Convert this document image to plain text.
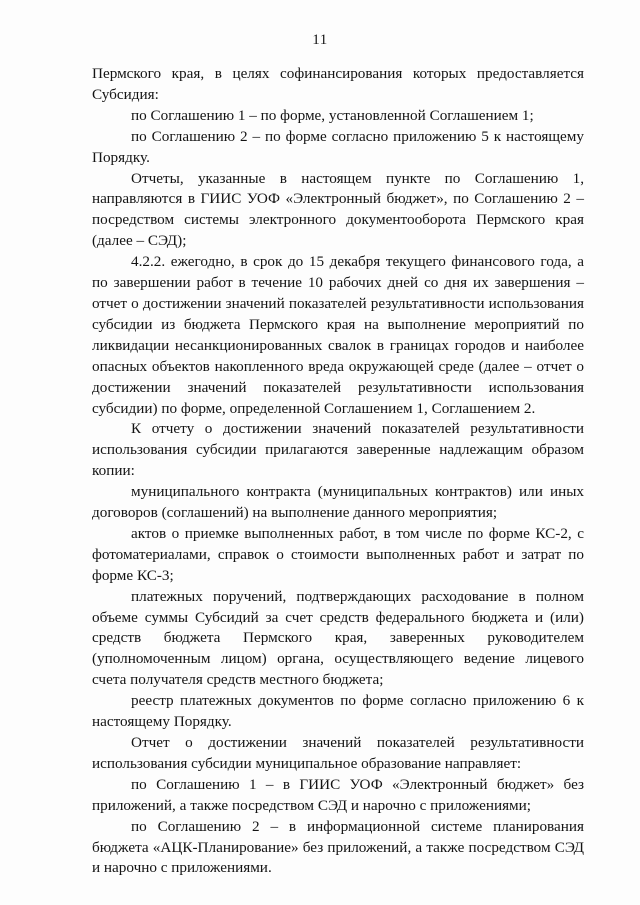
11

Пермского края, в целях софинансирования которых предоставляется Субсидия:

по Соглашению 1 – по форме, установленной Соглашением 1;

по Соглашению 2 – по форме согласно приложению 5 к настоящему Порядку.

Отчеты, указанные в настоящем пункте по Соглашению 1, направляются в ГИИС УОФ «Электронный бюджет», по Соглашению 2 – посредством системы электронного документооборота Пермского края (далее – СЭД);

4.2.2. ежегодно, в срок до 15 декабря текущего финансового года, а по завершении работ в течение 10 рабочих дней со дня их завершения – отчет о достижении значений показателей результативности использования субсидии из бюджета Пермского края на выполнение мероприятий по ликвидации несанкционированных свалок в границах городов и наиболее опасных объектов накопленного вреда окружающей среде (далее – отчет о достижении значений показателей результативности использования субсидии) по форме, определенной Соглашением 1, Соглашением 2.

К отчету о достижении значений показателей результативности использования субсидии прилагаются заверенные надлежащим образом копии:

муниципального контракта (муниципальных контрактов) или иных договоров (соглашений) на выполнение данного мероприятия;

актов о приемке выполненных работ, в том числе по форме КС-2, с фотоматериалами, справок о стоимости выполненных работ и затрат по форме КС-3;

платежных поручений, подтверждающих расходование в полном объеме суммы Субсидий за счет средств федерального бюджета и (или) средств бюджета Пермского края, заверенных руководителем (уполномоченным лицом) органа, осуществляющего ведение лицевого счета получателя средств местного бюджета;

реестр платежных документов по форме согласно приложению 6 к настоящему Порядку.

Отчет о достижении значений показателей результативности использования субсидии муниципальное образование направляет:

по Соглашению 1 – в ГИИС УОФ «Электронный бюджет» без приложений, а также посредством СЭД и нарочно с приложениями;

по Соглашению 2 – в информационной системе планирования бюджета «АЦК-Планирование» без приложений, а также посредством СЭД и нарочно с приложениями.
